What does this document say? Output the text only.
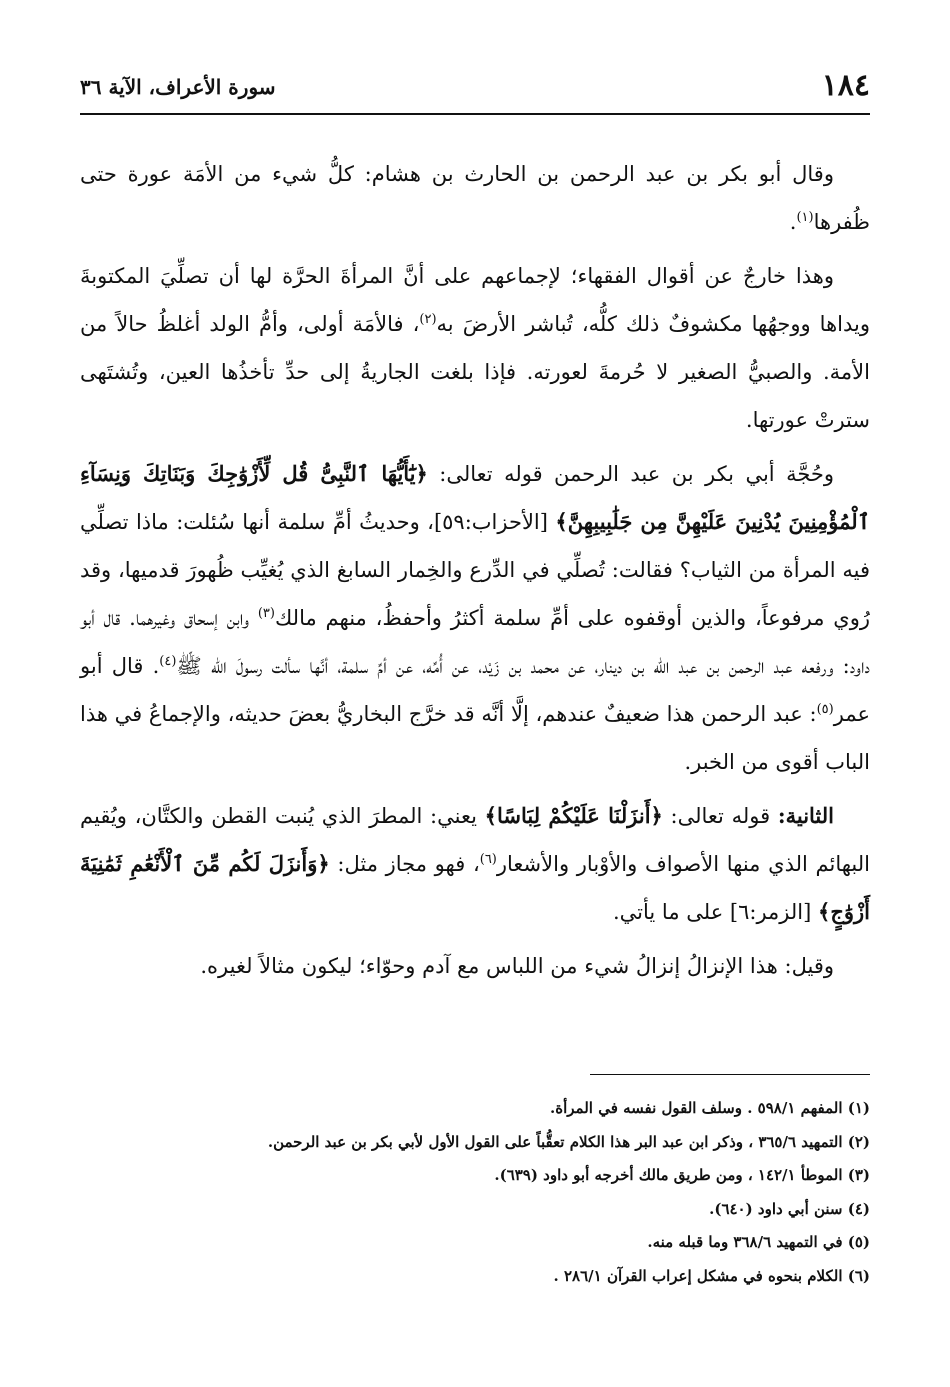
١٨٤
سورة الأعراف، الآية ٣٦

وقال أبو بكر بن عبد الرحمن بن الحارث بن هشام: كلُّ شيء من الأمَة عورة حتى ظُفرها$^{(١)}$.

وهذا خارجٌ عن أقوال الفقهاء؛ لإجماعهم على أنَّ المرأةَ الحرَّة لها أن تصلِّيَ المكتوبةَ ويداها ووجهُها مكشوفٌ ذلك كلُّه، تُباشر الأرضَ به$^{(٢)}$، فالأمَة أولى، وأمُّ الولد أغلظُ حالاً من الأمة. والصبيُّ الصغير لا حُرمةَ لعورته. فإذا بلغت الجاريةُ إلى حدِّ تأخذُها العين، وتُشتَهى سترتْ عورتها.

وحُجَّة أبي بكر بن عبد الرحمن قوله تعالى: ﴿يَٰٓأَيُّهَا ٱلنَّبِىُّ قُل لِّأَزْوَٰجِكَ وَبَنَاتِكَ وَنِسَآءِ ٱلْمُؤْمِنِينَ يُدْنِينَ عَلَيْهِنَّ مِن جَلَٰبِيبِهِنَّ﴾ [الأحزاب:٥٩]، وحديثُ أمِّ سلمة أنها سُئلت: ماذا تصلِّي فيه المرأة من الثياب؟ فقالت: تُصلِّي في الدِّرع والخِمار السابغ الذي يُغيِّب ظُهورَ قدميها، وقد رُوي مرفوعاً، والذين أوقفوه على أمِّ سلمة أكثرُ وأحفظُ، منهم مالك$^{(٣)}$ وابن إسحاق وغيرهما. قال أبو داود: ورفعه عبد الرحمن بن عبد الله بن دينار، عن محمد بن زَيْد، عن أُمِّه، عن أمِّ سلمة، أنَّها سألت رسولَ الله ﷺ$^{(٤)}$. قال أبو عمر$^{(٥)}$: عبد الرحمن هذا ضعيفٌ عندهم، إلَّا أنَّه قد خرَّج البخاريُّ بعضَ حديثه، والإجماعُ في هذا الباب أقوى من الخبر.

الثانية: قوله تعالى: ﴿أَنزَلْنَا عَلَيْكُمْ لِبَاسًا﴾ يعني: المطرَ الذي يُنبت القطن والكتَّان، ويُقيم البهائم الذي منها الأصواف والأوْبار والأشعار$^{(٦)}$، فهو مجاز مثل: ﴿وَأَنزَلَ لَكُم مِّنَ ٱلْأَنْعَٰمِ ثَمَٰنِيَةَ أَزْوَٰجٍ﴾ [الزمر:٦] على ما يأتي.

وقيل: هذا الإنزالُ إنزالُ شيء من اللباس مع آدم وحوّاء؛ ليكون مثالاً لغيره.

(١) المفهم ٥٩٨/١ . وسلف القول نفسه في المرأة.

(٢) التمهيد ٣٦٥/٦ ، وذكر ابن عبد البر هذا الكلام تعقُّباً على القول الأول لأبي بكر بن عبد الرحمن.

(٣) الموطأ ١٤٢/١ ، ومن طريق مالك أخرجه أبو داود (٦٣٩).

(٤) سنن أبي داود (٦٤٠).

(٥) في التمهيد ٣٦٨/٦ وما قبله منه.

(٦) الكلام بنحوه في مشكل إعراب القرآن ٢٨٦/١ .
